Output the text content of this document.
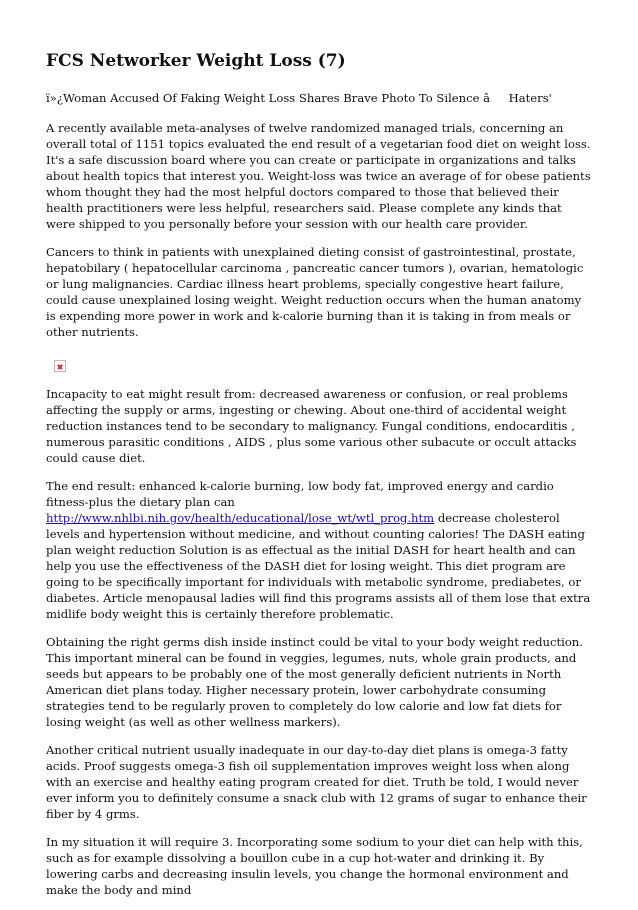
FCS Networker Weight Loss (7)
ï»¿Woman Accused Of Faking Weight Loss Shares Brave Photo To Silence âHaters'

A recently available meta-analyses of twelve randomized managed trials, concerning an overall total of 1151 topics evaluated the end result of a vegetarian food diet on weight loss. It's a safe discussion board where you can create or participate in organizations and talks about health topics that interest you. Weight-loss was twice an average of for obese patients whom thought they had the most helpful doctors compared to those that believed their health practitioners were less helpful, researchers said. Please complete any kinds that were shipped to you personally before your session with our health care provider.

Cancers to think in patients with unexplained dieting consist of gastrointestinal, prostate, hepatobilary ( hepatocellular carcinoma , pancreatic cancer tumors ), ovarian, hematologic or lung malignancies. Cardiac illness heart problems, specially congestive heart failure, could cause unexplained losing weight. Weight reduction occurs when the human anatomy is expending more power in work and k-calorie burning than it is taking in from meals or other nutrients.

Incapacity to eat might result from: decreased awareness or confusion, or real problems affecting the supply or arms, ingesting or chewing. About one-third of accidental weight reduction instances tend to be secondary to malignancy. Fungal conditions, endocarditis , numerous parasitic conditions , AIDS , plus some various other subacute or occult attacks could cause diet.

The end result: enhanced k-calorie burning, low body fat, improved energy and cardio fitness-plus the dietary plan can http://www.nhlbi.nih.gov/health/educational/lose_wt/wtl_prog.htm decrease cholesterol levels and hypertension without medicine, and without counting calories! The DASH eating plan weight reduction Solution is as effectual as the initial DASH for heart health and can help you use the effectiveness of the DASH diet for losing weight. This diet program are going to be specifically important for individuals with metabolic syndrome, prediabetes, or diabetes. Article menopausal ladies will find this programs assists all of them lose that extra midlife body weight this is certainly therefore problematic.

Obtaining the right germs dish inside instinct could be vital to your body weight reduction. This important mineral can be found in veggies, legumes, nuts, whole grain products, and seeds but appears to be probably one of the most generally deficient nutrients in North American diet plans today. Higher necessary protein, lower carbohydrate consuming strategies tend to be regularly proven to completely do low calorie and low fat diets for losing weight (as well as other wellness markers).

Another critical nutrient usually inadequate in our day-to-day diet plans is omega-3 fatty acids. Proof suggests omega-3 fish oil supplementation improves weight loss when along with an exercise and healthy eating program created for diet. Truth be told, I would never ever inform you to definitely consume a snack club with 12 grams of sugar to enhance their fiber by 4 grms.

In my situation it will require 3. Incorporating some sodium to your diet can help with this, such as for example dissolving a bouillon cube in a cup hot-water and drinking it. By lowering carbs and decreasing insulin levels, you change the hormonal environment and make the body and mind
